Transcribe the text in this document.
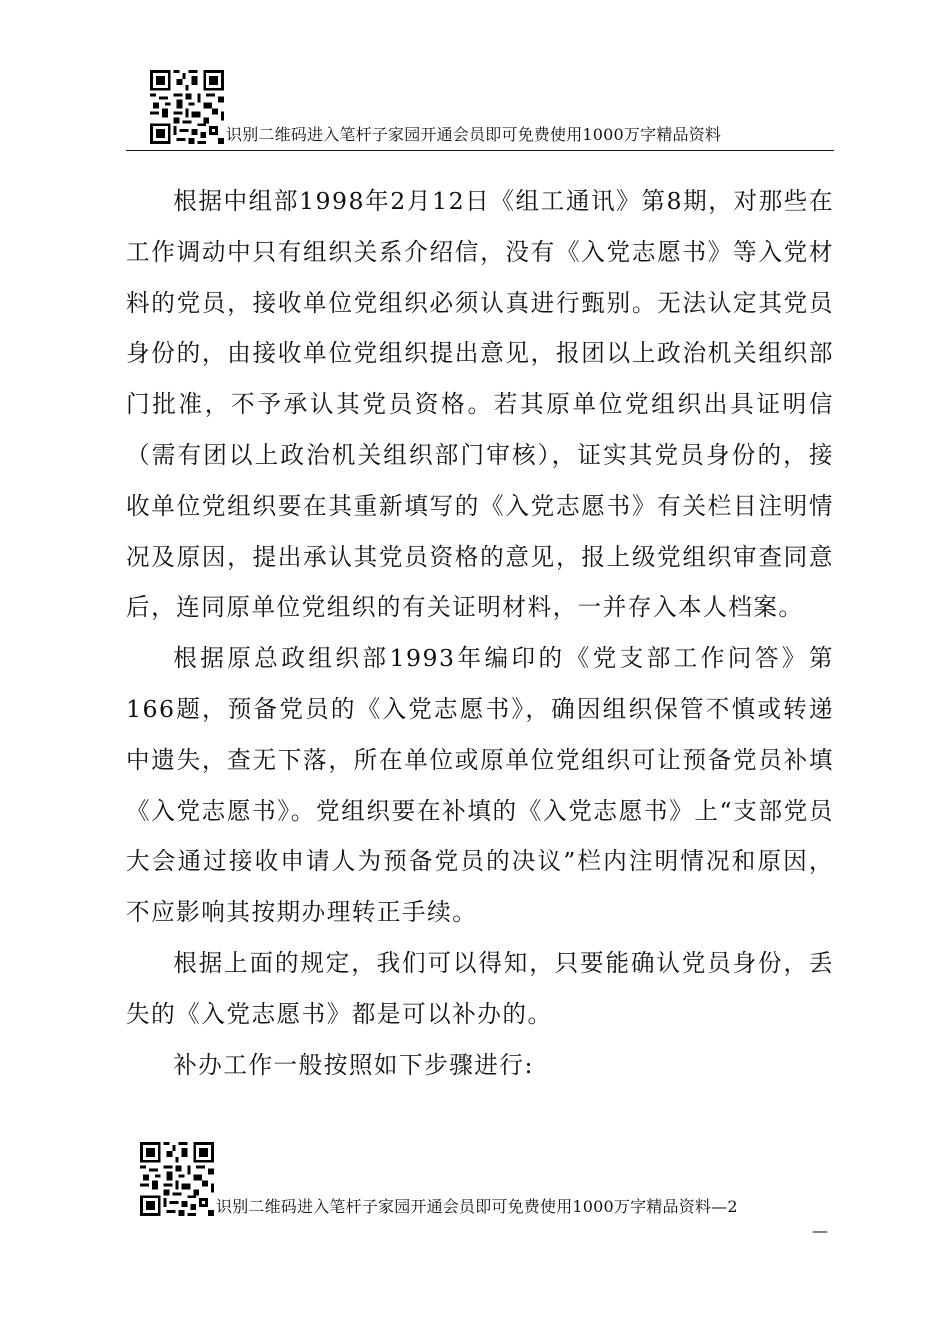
识别二维码进入笔杆子家园开通会员即可免费使用1000万字精品资料

根据中组部1998年2月12日《组工通讯》第8期，对那些在工作调动中只有组织关系介绍信，没有《入党志愿书》等入党材料的党员，接收单位党组织必须认真进行甄别。无法认定其党员身份的，由接收单位党组织提出意见，报团以上政治机关组织部门批准，不予承认其党员资格。若其原单位党组织出具证明信（需有团以上政治机关组织部门审核），证实其党员身份的，接收单位党组织要在其重新填写的《入党志愿书》有关栏目注明情况及原因，提出承认其党员资格的意见，报上级党组织审查同意后，连同原单位党组织的有关证明材料，一并存入本人档案。

根据原总政组织部1993年编印的《党支部工作问答》第166题，预备党员的《入党志愿书》，确因组织保管不慎或转递中遗失，查无下落，所在单位或原单位党组织可让预备党员补填《入党志愿书》。党组织要在补填的《入党志愿书》上“支部党员大会通过接收申请人为预备党员的决议”栏内注明情况和原因，不应影响其按期办理转正手续。

根据上面的规定，我们可以得知，只要能确认党员身份，丢失的《入党志愿书》都是可以补办的。

补办工作一般按照如下步骤进行:

识别二维码进入笔杆子家园开通会员即可免费使用1000万字精品资料—2
—
